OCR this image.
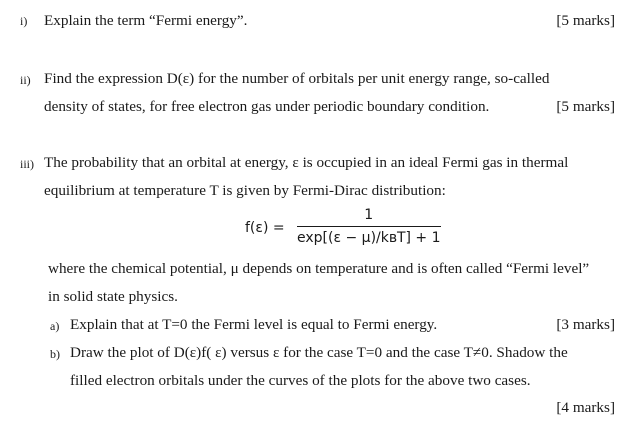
i) Explain the term “Fermi energy”.	[5 marks]
ii) Find the expression D(ε) for the number of orbitals per unit energy range, so-called
density of states, for free electron gas under periodic boundary condition.	[5 marks]
iii) The probability that an orbital at energy, ε is occupied in an ideal Fermi gas in thermal
equilibrium at temperature T is given by Fermi-Dirac distribution:
f(ε) =
1
exp[(ε − μ)/kʙT] + 1
where the chemical potential, μ depends on temperature and is often called “Fermi level”
in solid state physics.
a) Explain that at T=0 the Fermi level is equal to Fermi energy.	[3 marks]
b) Draw the plot of D(ε)f( ε) versus ε for the case T=0 and the case T≠0. Shadow the
filled electron orbitals under the curves of the plots for the above two cases.
[4 marks]
